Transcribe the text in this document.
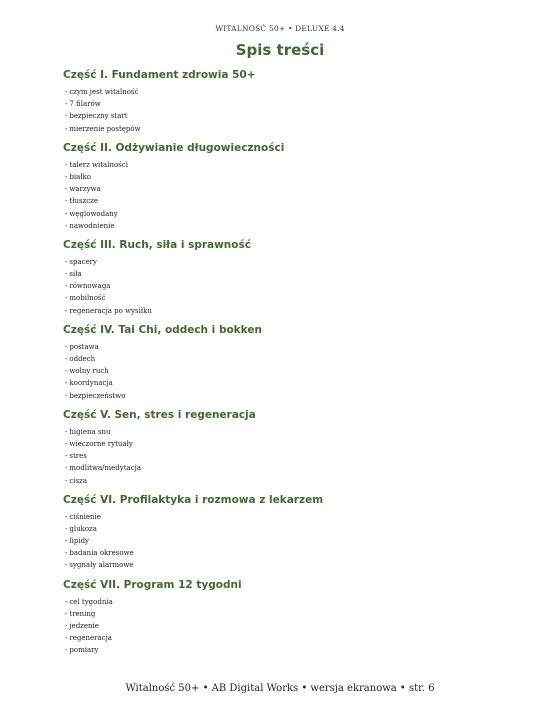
WITALNOŚĆ 50+ • DELUXE 4.4
Spis treści
Część I. Fundament zdrowia 50+
- czym jest witalność
- 7 filarów
- bezpieczny start
- mierzenie postępów
Część II. Odżywianie długowieczności
- talerz witalności
- białko
- warzywa
- tłuszcze
- węglowodany
- nawodnienie
Część III. Ruch, siła i sprawność
- spacery
- siła
- równowaga
- mobilność
- regeneracja po wysiłku
Część IV. Tai Chi, oddech i bokken
- postawa
- oddech
- wolny ruch
- koordynacja
- bezpieczeństwo
Część V. Sen, stres i regeneracja
- higiena snu
- wieczorne rytuały
- stres
- modlitwa/medytacja
- cisza
Część VI. Profilaktyka i rozmowa z lekarzem
- ciśnienie
- glukoza
- lipidy
- badania okresowe
- sygnały alarmowe
Część VII. Program 12 tygodni
- cel tygodnia
- trening
- jedzenie
- regeneracja
- pomiary
Witalność 50+ • AB Digital Works • wersja ekranowa • str. 6
